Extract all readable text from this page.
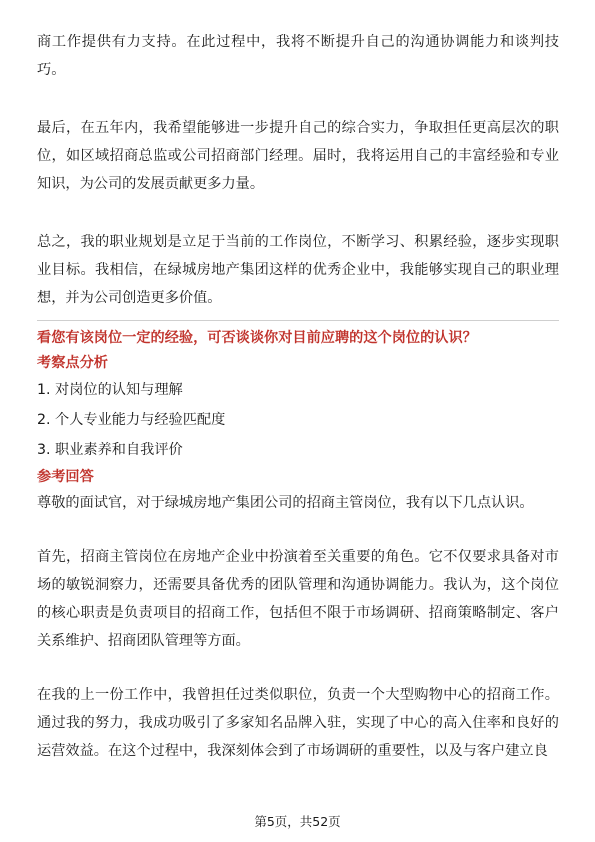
商工作提供有力支持。在此过程中，我将不断提升自己的沟通协调能力和谈判技巧。

最后，在五年内，我希望能够进一步提升自己的综合实力，争取担任更高层次的职位，如区域招商总监或公司招商部门经理。届时，我将运用自己的丰富经验和专业知识，为公司的发展贡献更多力量。

总之，我的职业规划是立足于当前的工作岗位，不断学习、积累经验，逐步实现职业目标。我相信，在绿城房地产集团这样的优秀企业中，我能够实现自己的职业理想，并为公司创造更多价值。

看您有该岗位一定的经验，可否谈谈你对目前应聘的这个岗位的认识？

考察点分析

1. 对岗位的认知与理解
2. 个人专业能力与经验匹配度
3. 职业素养和自我评价

参考回答

尊敬的面试官，对于绿城房地产集团公司的招商主管岗位，我有以下几点认识。

首先，招商主管岗位在房地产企业中扮演着至关重要的角色。它不仅要求具备对市场的敏锐洞察力，还需要具备优秀的团队管理和沟通协调能力。我认为，这个岗位的核心职责是负责项目的招商工作，包括但不限于市场调研、招商策略制定、客户关系维护、招商团队管理等方面。

在我的上一份工作中，我曾担任过类似职位，负责一个大型购物中心的招商工作。通过我的努力，我成功吸引了多家知名品牌入驻，实现了中心的高入住率和良好的运营效益。在这个过程中，我深刻体会到了市场调研的重要性，以及与客户建立良

第5页，共52页
